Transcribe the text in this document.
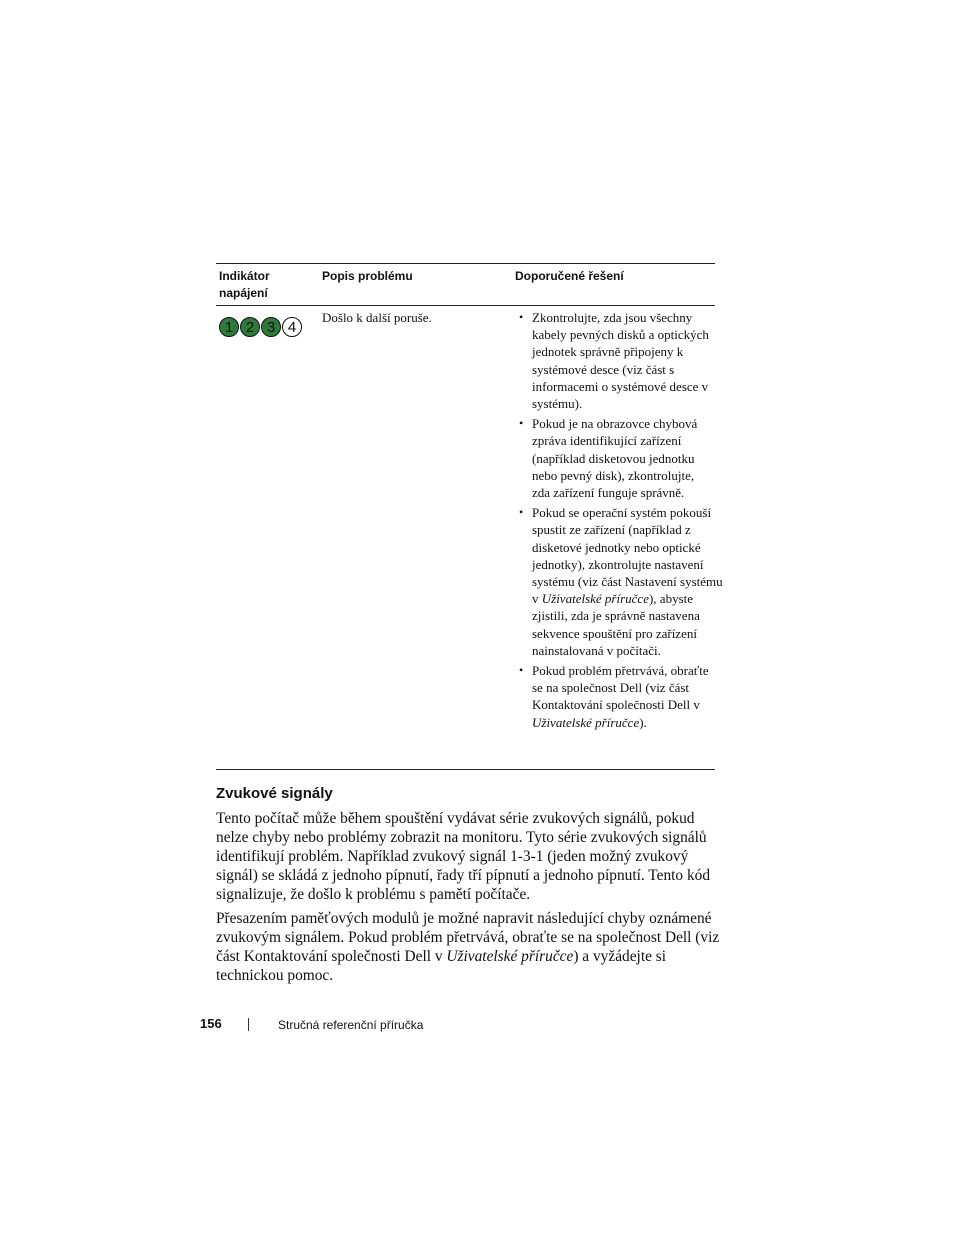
Indikátor napájení
Popis problému	Doporučené řešení
1 2 3 4
Došlo k další poruše.
•	Zkontrolujte, zda jsou všechny kabely pevných disků a optických jednotek správně připojeny k systémové desce (viz část s informacemi o systémové desce v systému).
• Pokud je na obrazovce chybová zpráva identifikující zařízení (například disketovou jednotku nebo pevný disk), zkontrolujte, zda zařízení funguje správně.
• Pokud se operační systém pokouší spustit ze zařízení (například z disketové jednotky nebo optické jednotky), zkontrolujte nastavení systému (viz část Nastavení systému v Uživatelské příručce), abyste zjistili, zda je správně nastavena sekvence spouštění pro zařízení nainstalovaná v počítači.
• Pokud problém přetrvává, obraťte se na společnost Dell (viz část Kontaktování společnosti Dell v Uživatelské příručce).
Zvukové signály

Tento počítač může během spouštění vydávat série zvukových signálů, pokud nelze chyby nebo problémy zobrazit na monitoru. Tyto série zvukových signálů identifikují problém. Například zvukový signál 1-3-1 (jeden možný zvukový signál) se skládá z jednoho pípnutí, řady tří pípnutí a jednoho pípnutí. Tento kód signalizuje, že došlo k problému s pamětí počítače.

Přesazením paměťových modulů je možné napravit následující chyby oznámené zvukovým signálem. Pokud problém přetrvává, obraťte se na společnost Dell (viz část Kontaktování společnosti Dell v Uživatelské příručce) a vyžádejte si technickou pomoc.

156	Stručná referenční příručka
